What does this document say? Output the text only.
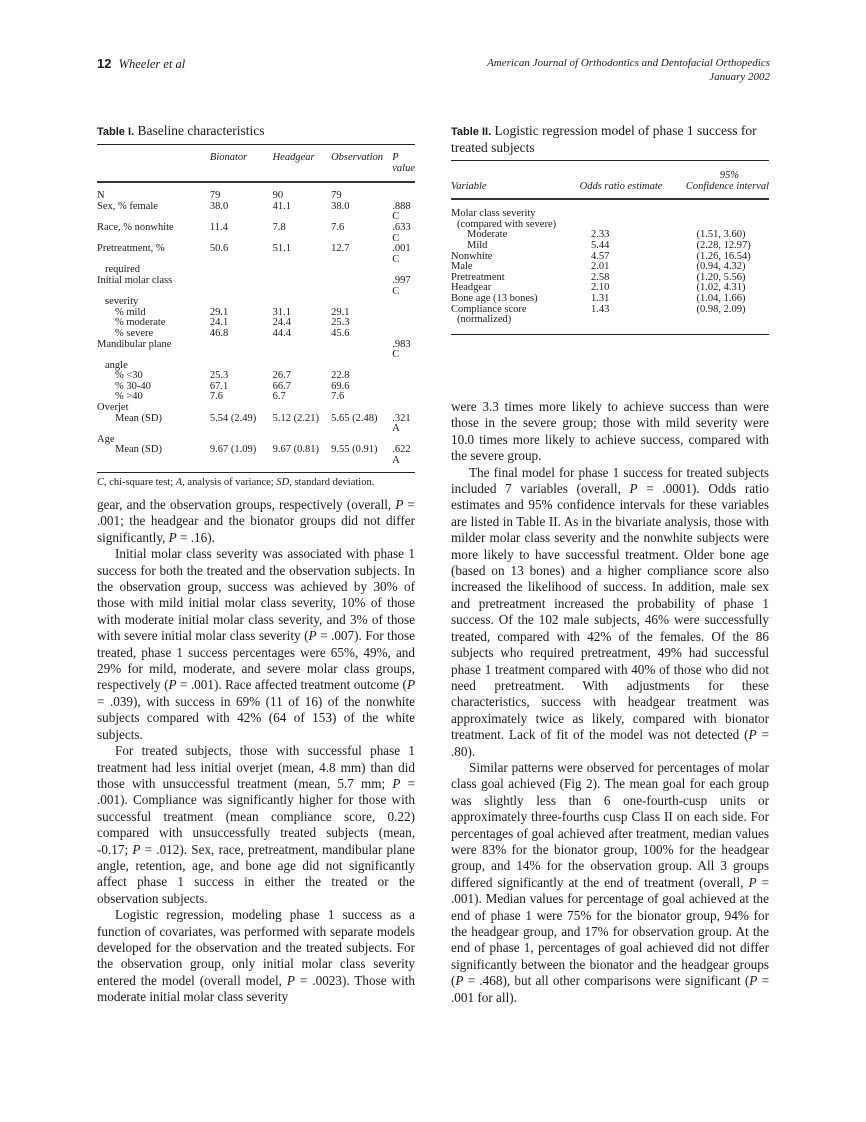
12 Wheeler et al	American Journal of Orthodontics and Dentofacial Orthopedics
January 2002
Table I. Baseline characteristics
	Bionator	Headgear	Observation	P value
N	79	90	79	
Sex, % female	38.0	41.1	38.0	.888 C
Race, % nonwhite	11.4	7.8	7.6	.633 C
Pretreatment, %	50.6	51.1	12.7	.001 C
required				
Initial molar class				.997 C
severity				
% mild	29.1	31.1	29.1	
% moderate	24.1	24.4	25.3	
% severe	46.8	44.4	45.6	
Mandibular plane				.983 C
angle				
% <30	25.3	26.7	22.8	
% 30-40	67.1	66.7	69.6	
% >40	7.6	6.7	7.6	
Overjet				
Mean (SD)	5.54 (2.49)	5.12 (2.21)	5.65 (2.48)	.321 A
Age				
Mean (SD)	9.67 (1.09)	9.67 (0.81)	9.55 (0.91)	.622 A
C, chi-square test; A, analysis of variance; SD, standard deviation.
Table II. Logistic regression model of phase 1 success for treated subjects
Variable	Odds ratio estimate	95%
Confidence interval

Molar class severity		
(compared with severe)		
Moderate	2.33	(1.51, 3.60)
Mild	5.44	(2.28, 12.97)
Nonwhite	4.57	(1.26, 16.54)
Male	2.01	(0.94, 4.32)
Pretreatment	2.58	(1.20, 5.56)
Headgear	2.10	(1.02, 4.31)
Bone age (13 bones)	1.31	(1.04, 1.66)
Compliance score	1.43	(0.98, 2.09)
(normalized)		

gear, and the observation groups, respectively (overall, P = .001; the headgear and the bionator groups did not differ significantly, P = .16).

Initial molar class severity was associated with phase 1 success for both the treated and the observation subjects. In the observation group, success was achieved by 30% of those with mild initial molar class severity, 10% of those with moderate initial molar class severity, and 3% of those with severe initial molar class severity (P = .007). For those treated, phase 1 success percentages were 65%, 49%, and 29% for mild, moderate, and severe molar class groups, respectively (P = .001). Race affected treatment outcome (P = .039), with success in 69% (11 of 16) of the nonwhite subjects compared with 42% (64 of 153) of the white subjects.

For treated subjects, those with successful phase 1 treatment had less initial overjet (mean, 4.8 mm) than did those with unsuccessful treatment (mean, 5.7 mm; P = .001). Compliance was significantly higher for those with successful treatment (mean compliance score, 0.22) compared with unsuccessfully treated subjects (mean, -0.17; P = .012). Sex, race, pretreatment, mandibular plane angle, retention, age, and bone age did not significantly affect phase 1 success in either the treated or the observation subjects.

Logistic regression, modeling phase 1 success as a function of covariates, was performed with separate models developed for the observation and the treated subjects. For the observation group, only initial molar class severity entered the model (overall model, P = .0023). Those with moderate initial molar class severity

were 3.3 times more likely to achieve success than were those in the severe group; those with mild severity were 10.0 times more likely to achieve success, compared with the severe group.

The final model for phase 1 success for treated subjects included 7 variables (overall, P = .0001). Odds ratio estimates and 95% confidence intervals for these variables are listed in Table II. As in the bivariate analysis, those with milder molar class severity and the nonwhite subjects were more likely to have successful treatment. Older bone age (based on 13 bones) and a higher compliance score also increased the likelihood of success. In addition, male sex and pretreatment increased the probability of phase 1 success. Of the 102 male subjects, 46% were successfully treated, compared with 42% of the females. Of the 86 subjects who required pretreatment, 49% had successful phase 1 treatment compared with 40% of those who did not need pretreatment. With adjustments for these characteristics, success with headgear treatment was approximately twice as likely, compared with bionator treatment. Lack of fit of the model was not detected (P = .80).

Similar patterns were observed for percentages of molar class goal achieved (Fig 2). The mean goal for each group was slightly less than 6 one-fourth-cusp units or approximately three-fourths cusp Class II on each side. For percentages of goal achieved after treatment, median values were 83% for the bionator group, 100% for the headgear group, and 14% for the observation group. All 3 groups differed significantly at the end of treatment (overall, P = .001). Median values for percentage of goal achieved at the end of phase 1 were 75% for the bionator group, 94% for the headgear group, and 17% for observation group. At the end of phase 1, percentages of goal achieved did not differ significantly between the bionator and the headgear groups (P = .468), but all other comparisons were significant (P = .001 for all).
